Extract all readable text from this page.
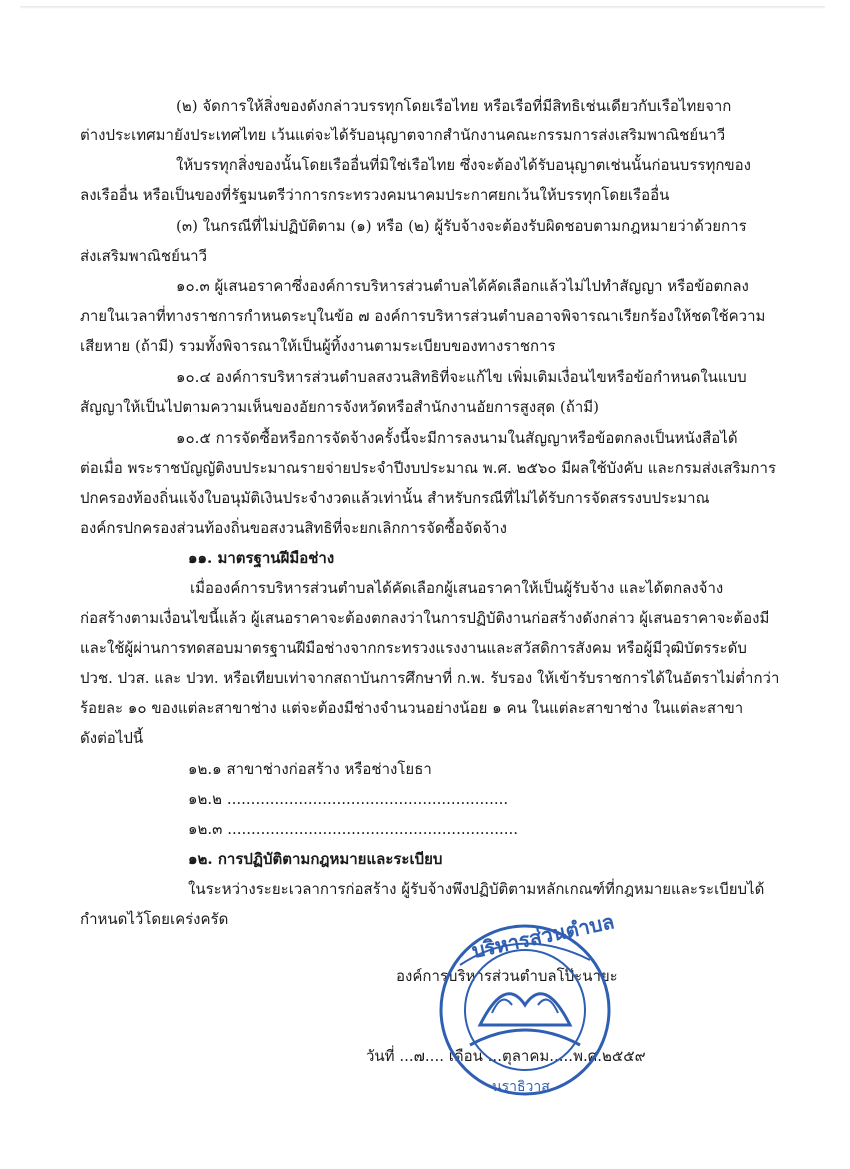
(๒) จัดการให้สิ่งของดังกล่าวบรรทุกโดยเรือไทย หรือเรือที่มีสิทธิเช่นเดียวกับเรือไทยจาก
ต่างประเทศมายังประเทศไทย เว้นแต่จะได้รับอนุญาตจากสำนักงานคณะกรรมการส่งเสริมพาณิชย์นาวี
ให้บรรทุกสิ่งของนั้นโดยเรืออื่นที่มิใช่เรือไทย ซึ่งจะต้องได้รับอนุญาตเช่นนั้นก่อนบรรทุกของ
ลงเรืออื่น หรือเป็นของที่รัฐมนตรีว่าการกระทรวงคมนาคมประกาศยกเว้นให้บรรทุกโดยเรืออื่น
(๓) ในกรณีที่ไม่ปฏิบัติตาม (๑) หรือ (๒) ผู้รับจ้างจะต้องรับผิดชอบตามกฎหมายว่าด้วยการ
ส่งเสริมพาณิชย์นาวี
๑๐.๓ ผู้เสนอราคาซึ่งองค์การบริหารส่วนตำบลได้คัดเลือกแล้วไม่ไปทำสัญญา หรือข้อตกลง
ภายในเวลาที่ทางราชการกำหนดระบุในข้อ ๗ องค์การบริหารส่วนตำบลอาจพิจารณาเรียกร้องให้ชดใช้ความ
เสียหาย (ถ้ามี) รวมทั้งพิจารณาให้เป็นผู้ทิ้งงานตามระเบียบของทางราชการ
๑๐.๔ องค์การบริหารส่วนตำบลสงวนสิทธิที่จะแก้ไข เพิ่มเติมเงื่อนไขหรือข้อกำหนดในแบบ
สัญญาให้เป็นไปตามความเห็นของอัยการจังหวัดหรือสำนักงานอัยการสูงสุด (ถ้ามี)
๑๐.๕ การจัดซื้อหรือการจัดจ้างครั้งนี้จะมีการลงนามในสัญญาหรือข้อตกลงเป็นหนังสือได้
ต่อเมื่อ พระราชบัญญัติงบประมาณรายจ่ายประจำปีงบประมาณ พ.ศ. ๒๕๖๐ มีผลใช้บังคับ และกรมส่งเสริมการ
ปกครองท้องถิ่นแจ้งใบอนุมัติเงินประจำงวดแล้วเท่านั้น สำหรับกรณีที่ไม่ได้รับการจัดสรรงบประมาณ
องค์กรปกครองส่วนท้องถิ่นขอสงวนสิทธิที่จะยกเลิกการจัดซื้อจัดจ้าง
๑๑. มาตรฐานฝีมือช่าง
เมื่อองค์การบริหารส่วนตำบลได้คัดเลือกผู้เสนอราคาให้เป็นผู้รับจ้าง และได้ตกลงจ้าง
ก่อสร้างตามเงื่อนไขนี้แล้ว ผู้เสนอราคาจะต้องตกลงว่าในการปฏิบัติงานก่อสร้างดังกล่าว ผู้เสนอราคาจะต้องมี
และใช้ผู้ผ่านการทดสอบมาตรฐานฝีมือช่างจากกระทรวงแรงงานและสวัสดิการสังคม หรือผู้มีวุฒิบัตรระดับ
ปวช. ปวส. และ ปวท. หรือเทียบเท่าจากสถาบันการศึกษาที่ ก.พ. รับรอง ให้เข้ารับราชการได้ในอัตราไม่ต่ำกว่า
ร้อยละ ๑๐ ของแต่ละสาขาช่าง แต่จะต้องมีช่างจำนวนอย่างน้อย ๑ คน ในแต่ละสาขาช่าง ในแต่ละสาขา
ดังต่อไปนี้
๑๒.๑ สาขาช่างก่อสร้าง หรือช่างโยธา
๑๒.๒ ...........................................................
๑๒.๓ .............................................................
๑๒. การปฏิบัติตามกฎหมายและระเบียบ
ในระหว่างระยะเวลาการก่อสร้าง ผู้รับจ้างพึงปฏิบัติตามหลักเกณฑ์ที่กฎหมายและระเบียบได้
กำหนดไว้โดยเคร่งครัด
องค์การบริหารส่วนตำบลโป๊ะนายะ
วันที่ ...๗.... เดือน ...ตุลาคม.....พ.ศ.๒๕๕๙
บริหารส่วนตำบล
นราธิวาส
